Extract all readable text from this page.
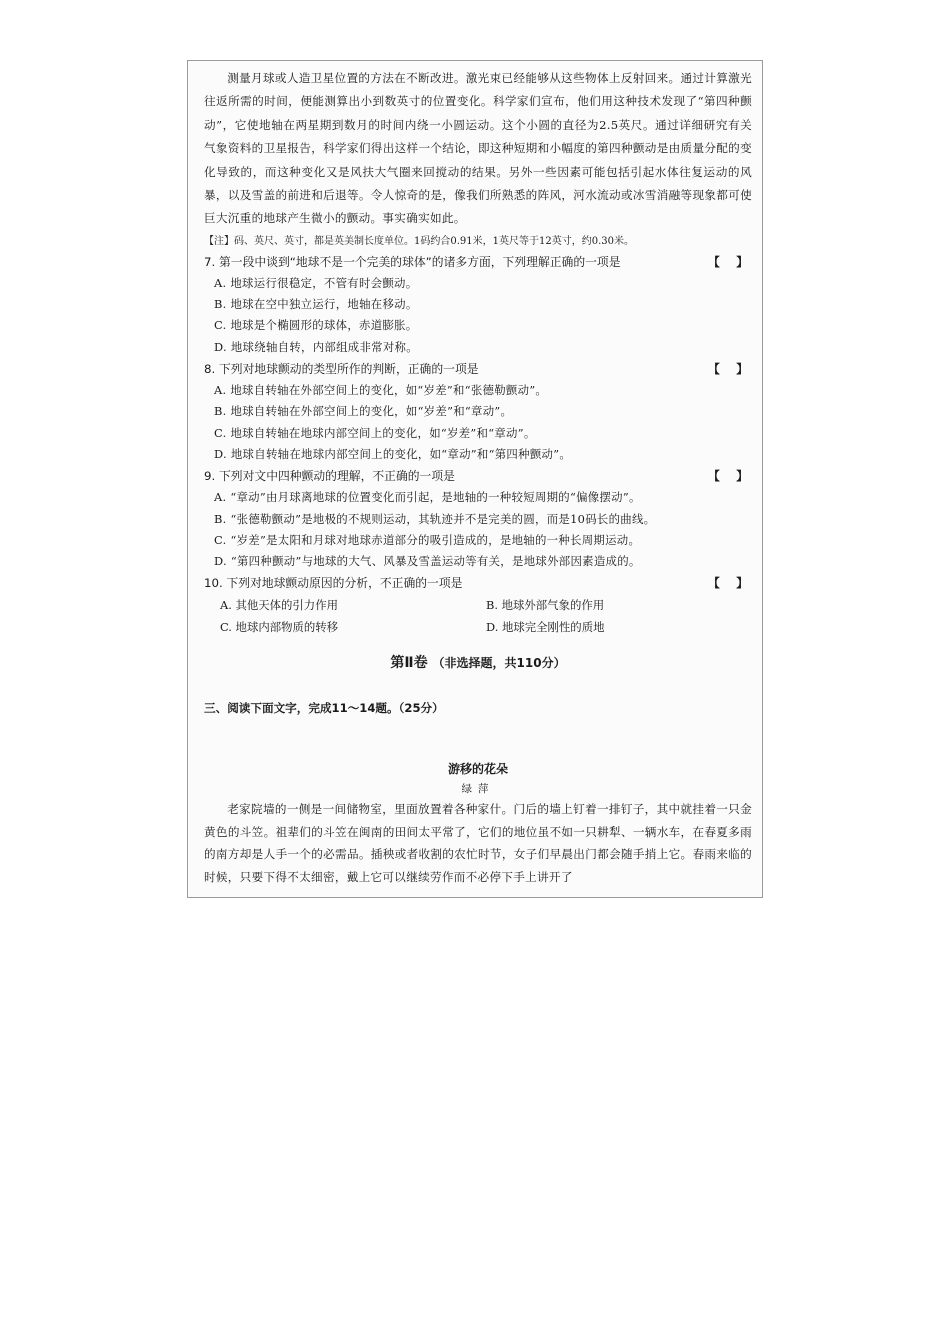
测量月球或人造卫星位置的方法在不断改进。激光束已经能够从这些物体上反射回来。通过计算激光往返所需的时间，便能测算出小到数英寸的位置变化。科学家们宣布，他们用这种技术发现了“第四种颤动”，它使地轴在两星期到数月的时间内绕一小圆运动。这个小圆的直径为2.5英尺。通过详细研究有关气象资料的卫星报告，科学家们得出这样一个结论，即这种短期和小幅度的第四种颤动是由质量分配的变化导致的，而这种变化又是风扶大气圈来回搅动的结果。另外一些因素可能包括引起水体往复运动的风暴，以及雪盖的前进和后退等。令人惊奇的是，像我们所熟悉的阵风，河水流动或冰雪消融等现象都可使巨大沉重的地球产生微小的颤动。事实确实如此。

【注】码、英尺、英寸，都是英美制长度单位。1码约合0.91米，1英尺等于12英寸，约0.30米。

7. 第一段中谈到“地球不是一个完美的球体”的诸多方面，下列理解正确的一项是	【    】

A. 地球运行很稳定，不管有时会颤动。

B. 地球在空中独立运行，地轴在移动。

C. 地球是个椭圆形的球体，赤道膨胀。

D. 地球绕轴自转，内部组成非常对称。

8. 下列对地球颤动的类型所作的判断，正确的一项是	【    】

A. 地球自转轴在外部空间上的变化，如“岁差”和“张德勒颤动”。

B. 地球自转轴在外部空间上的变化，如“岁差”和“章动”。

C. 地球自转轴在地球内部空间上的变化，如“岁差”和“章动”。

D. 地球自转轴在地球内部空间上的变化，如“章动”和“第四种颤动”。

9. 下列对文中四种颤动的理解，不正确的一项是	【    】

A. “章动”由月球离地球的位置变化而引起，是地轴的一种较短周期的“偏像摆动”。

B. “张德勒颤动”是地极的不规则运动，其轨迹并不是完美的圆，而是10码长的曲线。

C. “岁差”是太阳和月球对地球赤道部分的吸引造成的，是地轴的一种长周期运动。

D. “第四种颤动”与地球的大气、风暴及雪盖运动等有关，是地球外部因素造成的。

10. 下列对地球颤动原因的分析，不正确的一项是	【    】

A. 其他天体的引力作用	B. 地球外部气象的作用
C. 地球内部物质的转移	D. 地球完全刚性的质地

第Ⅱ卷 （非选择题，共110分）

三、阅读下面文字，完成11～14题。（25分）

游移的花朵

绿萍

老家院墙的一侧是一间储物室，里面放置着各种家什。门后的墙上钉着一排钉子，其中就挂着一只金黄色的斗笠。祖辈们的斗笠在闽南的田间太平常了，它们的地位虽不如一只耕犁、一辆水车，在春夏多雨的南方却是人手一个的必需品。插秧或者收割的农忙时节，女子们早晨出门都会随手捎上它。春雨来临的时候，只要下得不太细密，戴上它可以继续劳作而不必停下手上讲开了
